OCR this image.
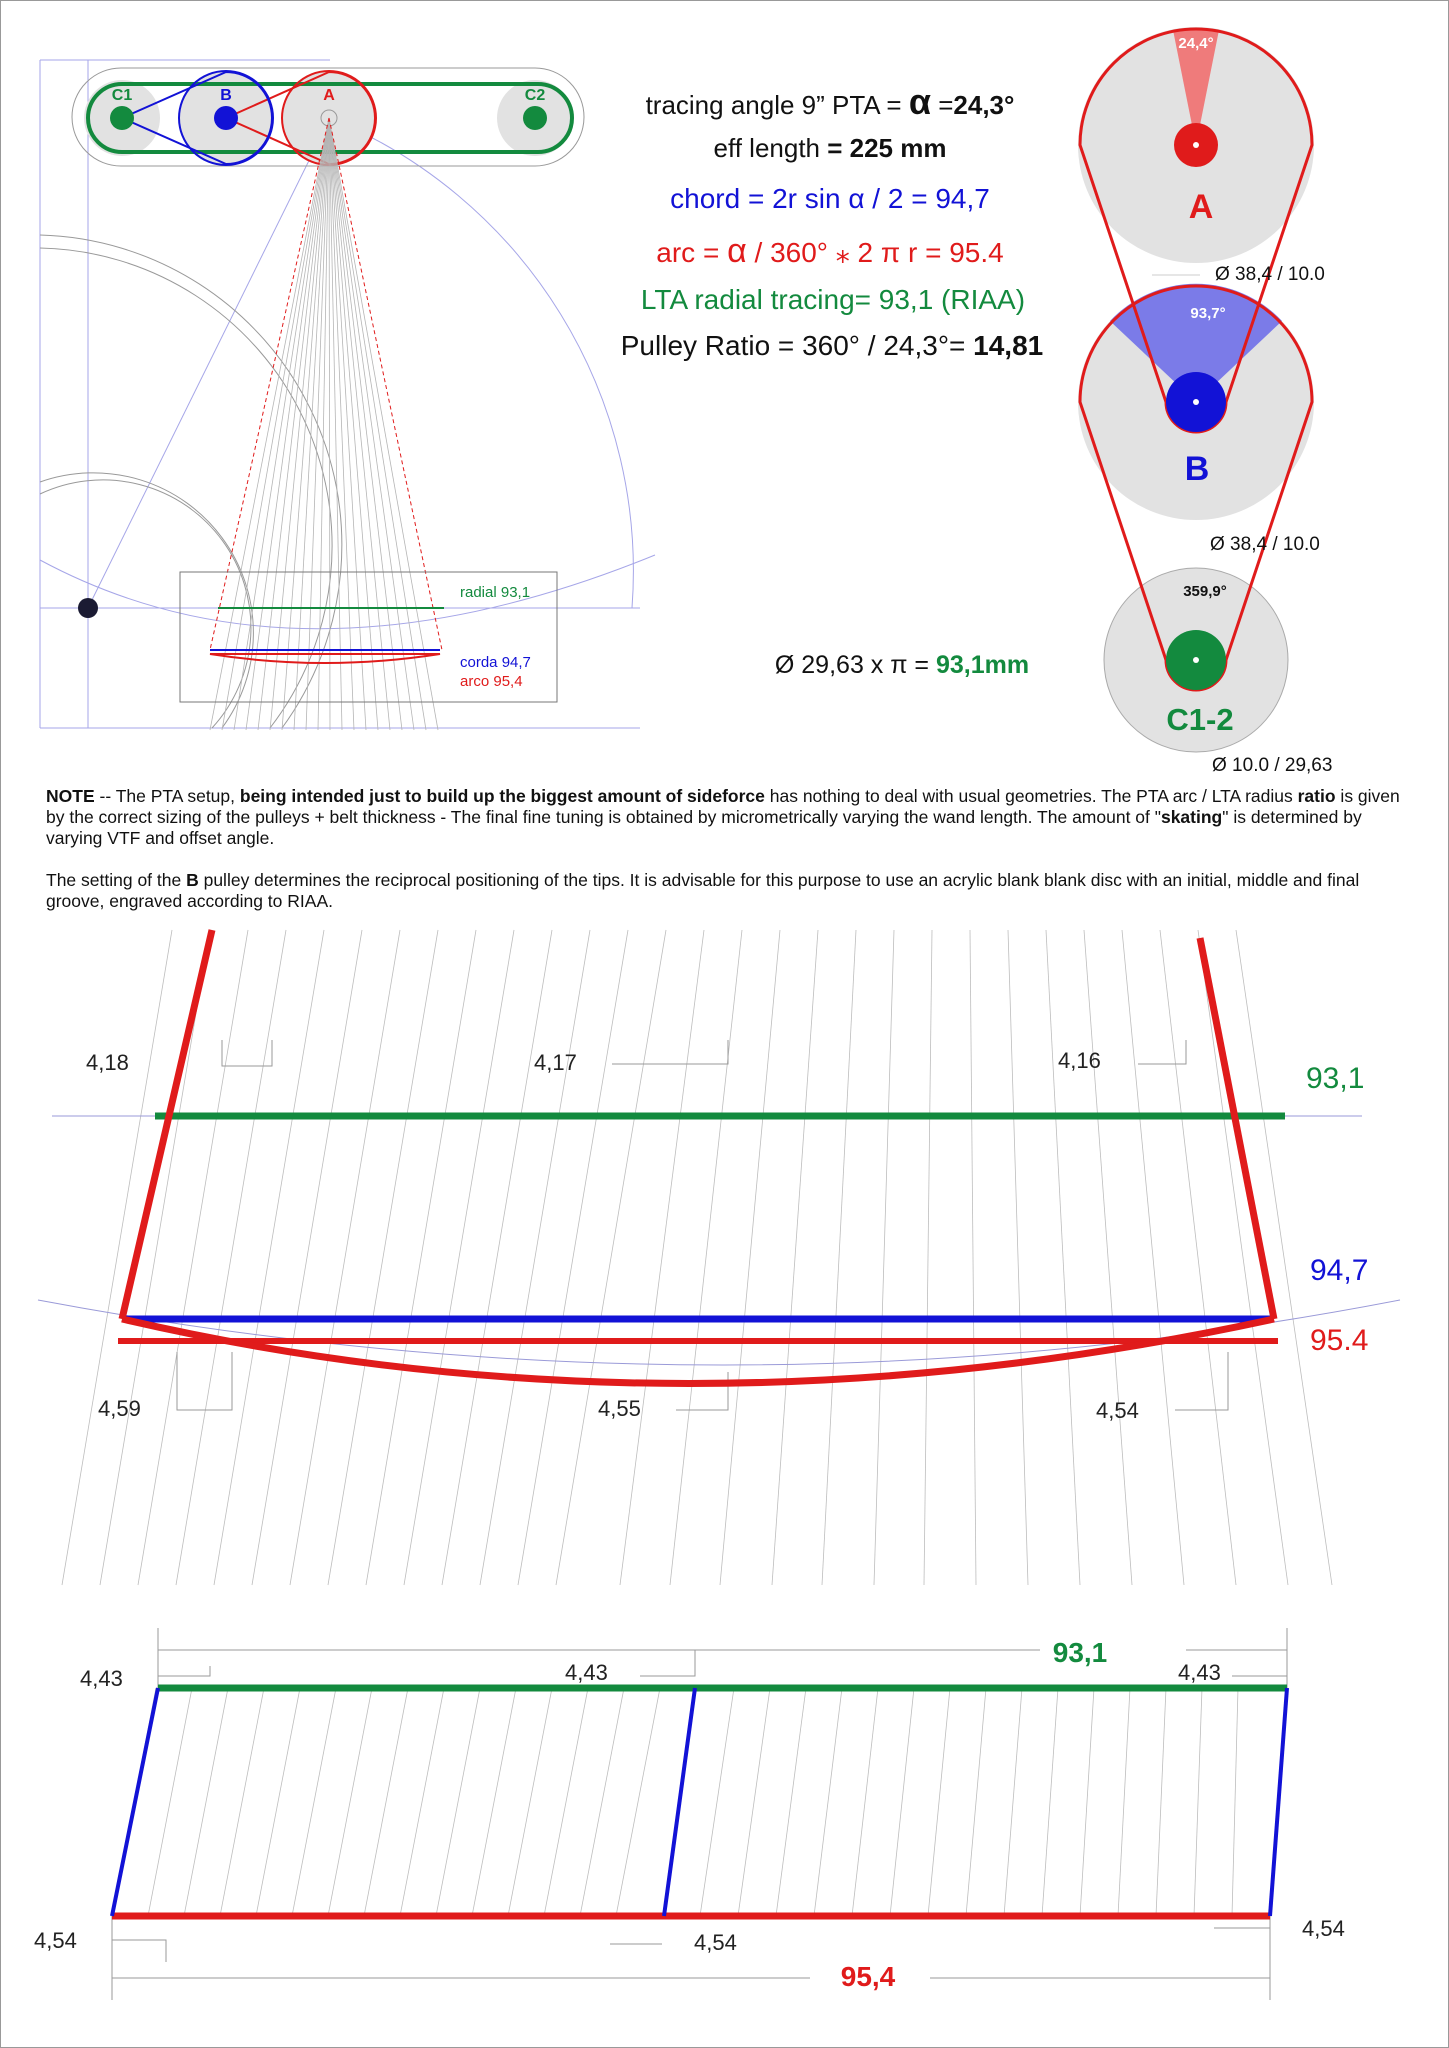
C1	B	A	C2
radial 93,1
corda 94,7
arco 95,4
tracing angle 9” PTA = α =24,3°
eff length = 225 mm
chord = 2r sin α / 2 = 94,7
arc = α / 360° ⁎ 2 π r = 95.4
LTA radial tracing= 93,1 (RIAA)
Pulley Ratio = 360° / 24,3°= 14,81
Ø 29,63 x π = 93,1mm
24,4°
A
Ø 38,4 / 10.0
93,7°
B
Ø 38,4 / 10.0
359,9°
C1-2
Ø 10.0 / 29,63
4,18	4,17	4,16
93,1
94,7
95.4
4,59	4,55	4,54
93,1
4,43	4,43	4,43
4,54	4,54
4,54
95,4
NOTE -- The PTA setup, being intended just to build up the biggest amount of sideforce has nothing to deal with usual geometries. The PTA arc / LTA radius ratio is given by the correct sizing of the pulleys + belt thickness - The final fine tuning is obtained by micrometrically varying the wand length. The amount of "skating" is determined by varying VTF and offset angle.
The setting of the B pulley determines the reciprocal positioning of the tips. It is advisable for this purpose to use an acrylic blank blank disc with an initial, middle and final groove, engraved according to RIAA.
